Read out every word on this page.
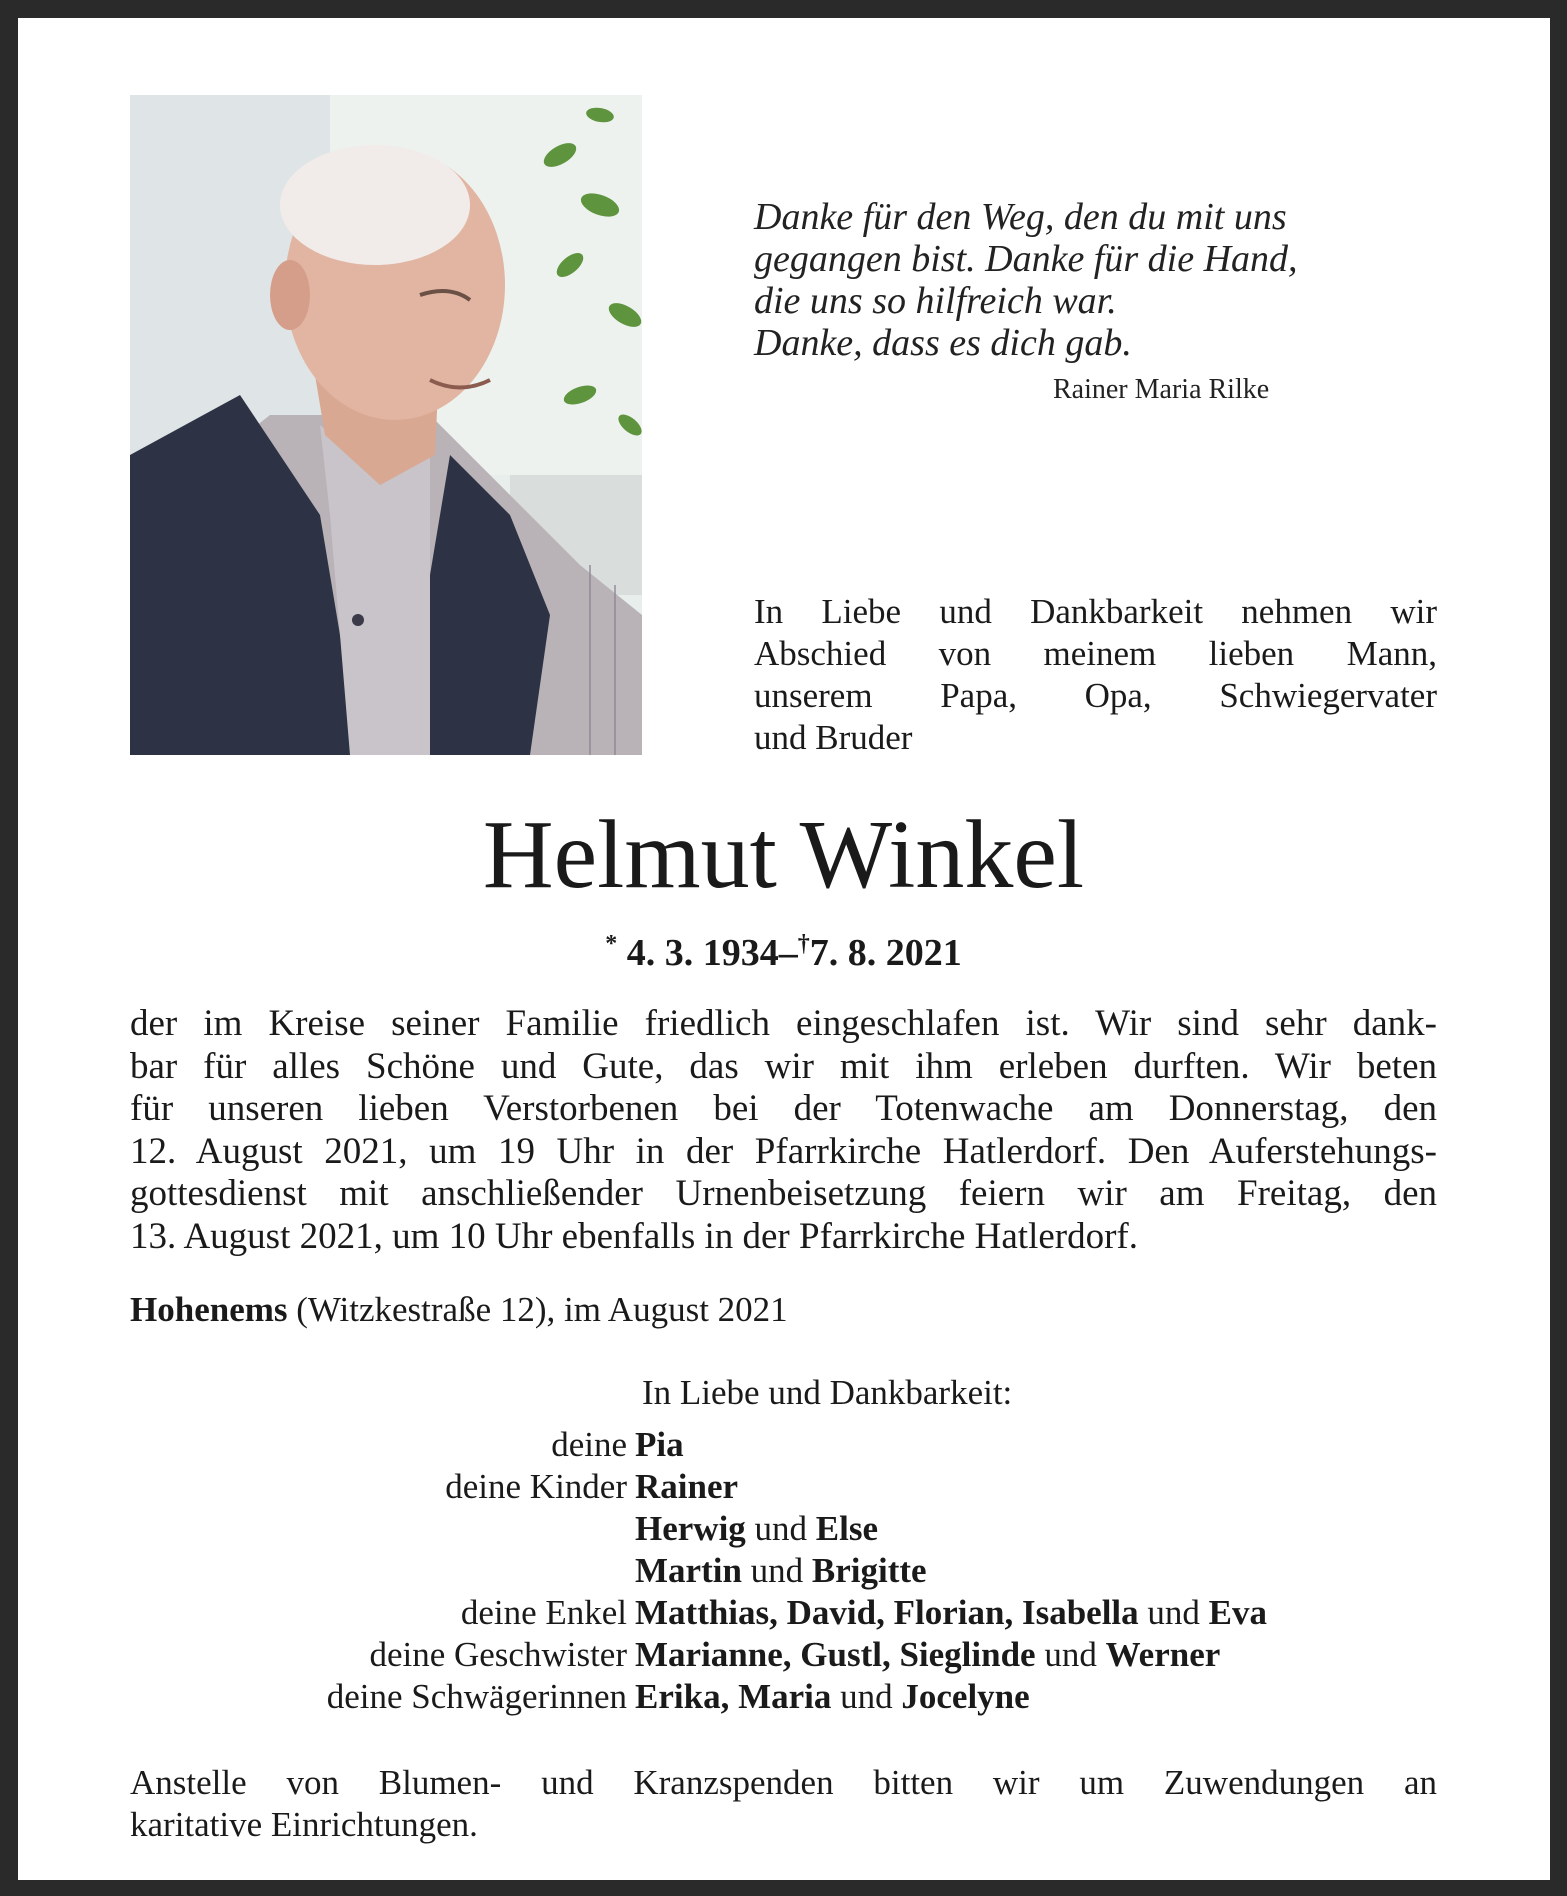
Danke für den Weg, den du mit uns
gegangen bist. Danke für die Hand,
die uns so hilfreich war.
Danke, dass es dich gab.
Rainer Maria Rilke
In Liebe und Dankbarkeit nehmen wir
Abschied von meinem lieben Mann,
unserem Papa, Opa, Schwiegervater
und Bruder
Helmut Winkel
* 4. 3. 1934–†7. 8. 2021
der im Kreise seiner Familie friedlich eingeschlafen ist. Wir sind sehr dank-
bar für alles Schöne und Gute, das wir mit ihm erleben durften. Wir beten
für unseren lieben Verstorbenen bei der Totenwache am Donnerstag, den
12. August 2021, um 19 Uhr in der Pfarrkirche Hatlerdorf. Den Auferstehungs-
gottesdienst mit anschließender Urnenbeisetzung feiern wir am Freitag, den
13. August 2021, um 10 Uhr ebenfalls in der Pfarrkirche Hatlerdorf.
Hohenems (Witzkestraße 12), im August 2021
In Liebe und Dankbarkeit:
deine Pia
deine Kinder Rainer
Herwig und Else
Martin und Brigitte
deine Enkel Matthias, David, Florian, Isabella und Eva
deine Geschwister Marianne, Gustl, Sieglinde und Werner
deine Schwägerinnen Erika, Maria und Jocelyne
Anstelle von Blumen- und Kranzspenden bitten wir um Zuwendungen an
karitative Einrichtungen.
